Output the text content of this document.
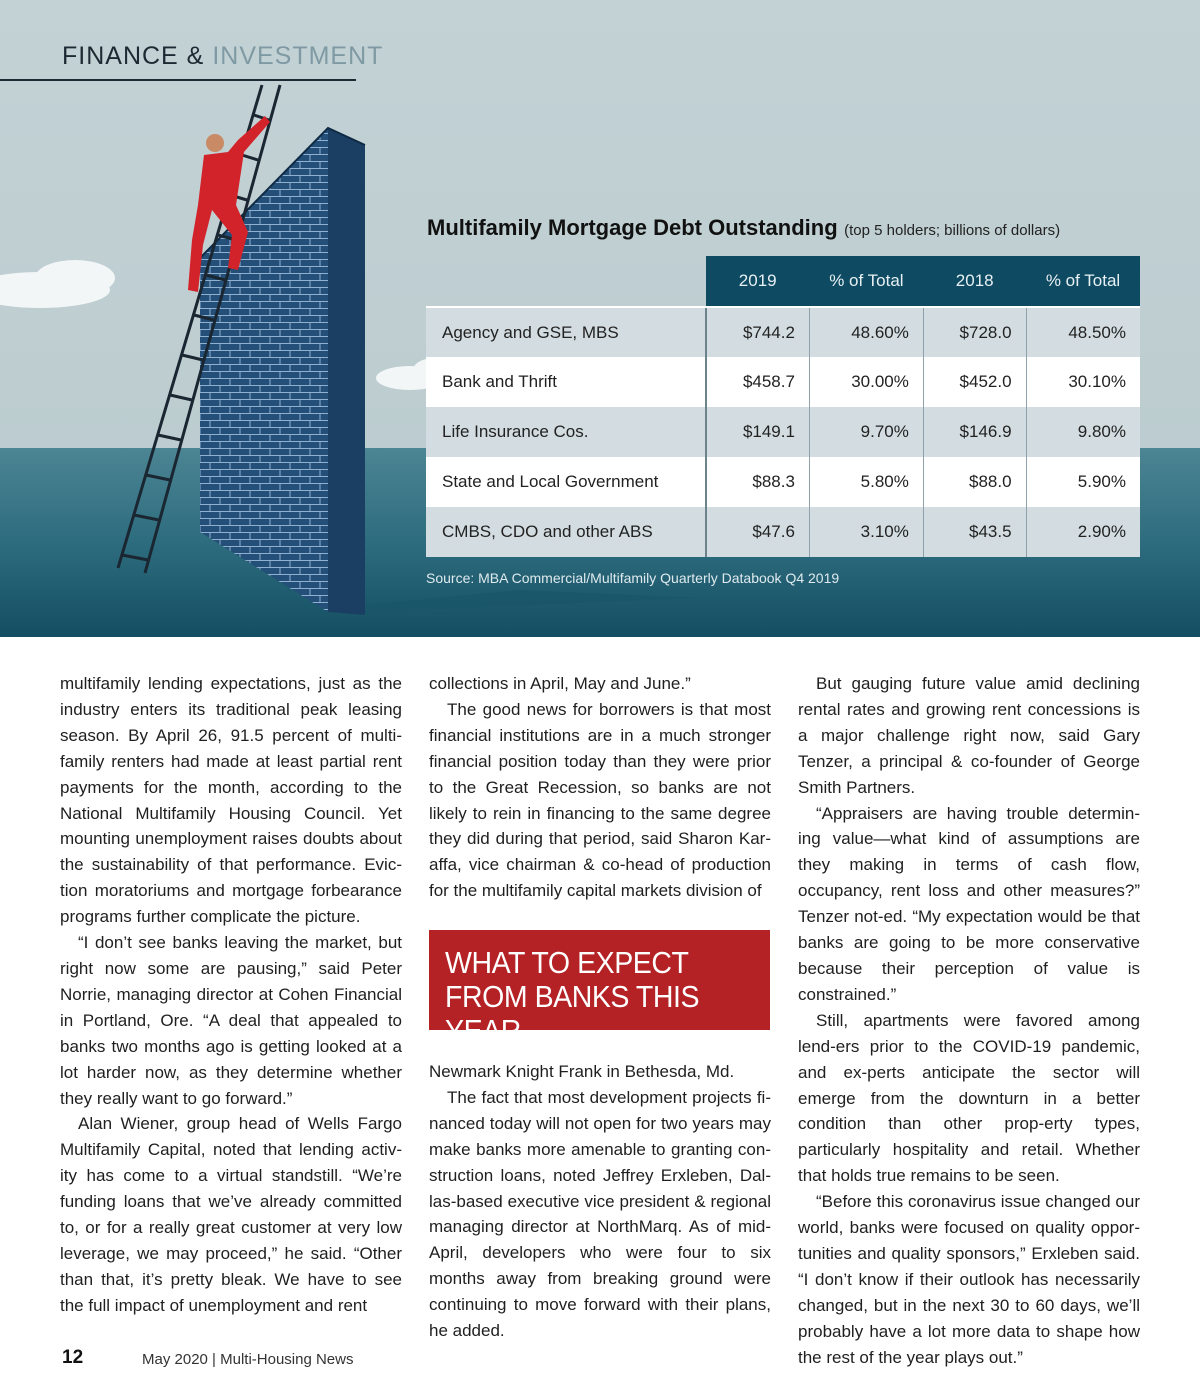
FINANCE & INVESTMENT
Multifamily Mortgage Debt Outstanding (top 5 holders; billions of dollars)
	2019	% of Total	2018	% of Total
Agency and GSE, MBS	$744.2	48.60%	$728.0	48.50%
Bank and Thrift	$458.7	30.00%	$452.0	30.10%
Life Insurance Cos.	$149.1	9.70%	$146.9	9.80%
State and Local Government	$88.3	5.80%	$88.0	5.90%
CMBS, CDO and other ABS	$47.6	3.10%	$43.5	2.90%
Source: MBA Commercial/Multifamily Quarterly Databook Q4 2019

multifamily lending expectations, just as the industry enters its traditional peak leasing season. By April 26, 91.5 percent of multi-family renters had made at least partial rent payments for the month, according to the National Multifamily Housing Council. Yet mounting unemployment raises doubts about the sustainability of that performance. Evic-tion moratoriums and mortgage forbearance programs further complicate the picture.

“I don’t see banks leaving the market, but right now some are pausing,” said Peter Norrie, managing director at Cohen Financial in Portland, Ore. “A deal that appealed to banks two months ago is getting looked at a lot harder now, as they determine whether they really want to go forward.”

Alan Wiener, group head of Wells Fargo Multifamily Capital, noted that lending activ-ity has come to a virtual standstill. “We’re funding loans that we’ve already committed to, or for a really great customer at very low leverage, we may proceed,” he said. “Other than that, it’s pretty bleak. We have to see the full impact of unemployment and rent

collections in April, May and June.”

The good news for borrowers is that most financial institutions are in a much stronger financial position today than they were prior to the Great Recession, so banks are not likely to rein in financing to the same degree they did during that period, said Sharon Kar-affa, vice chairman & co-head of production for the multifamily capital markets division of

WHAT TO EXPECT FROM BANKS THIS YEAR

Newmark Knight Frank in Bethesda, Md.

The fact that most development projects fi-nanced today will not open for two years may make banks more amenable to granting con-struction loans, noted Jeffrey Erxleben, Dal-las-based executive vice president & regional managing director at NorthMarq. As of mid-April, developers who were four to six months away from breaking ground were continuing to move forward with their plans, he added.

But gauging future value amid declining rental rates and growing rent concessions is a major challenge right now, said Gary Tenzer, a principal & co-founder of George Smith Partners.

“Appraisers are having trouble determin-ing value—what kind of assumptions are they making in terms of cash flow, occupancy, rent loss and other measures?” Tenzer not-ed. “My expectation would be that banks are going to be more conservative because their perception of value is constrained.”

Still, apartments were favored among lend-ers prior to the COVID-19 pandemic, and ex-perts anticipate the sector will emerge from the downturn in a better condition than other prop-erty types, particularly hospitality and retail. Whether that holds true remains to be seen.

“Before this coronavirus issue changed our world, banks were focused on quality oppor-tunities and quality sponsors,” Erxleben said. “I don’t know if their outlook has necessarily changed, but in the next 30 to 60 days, we’ll probably have a lot more data to shape how the rest of the year plays out.”

12	May 2020 | Multi-Housing News
